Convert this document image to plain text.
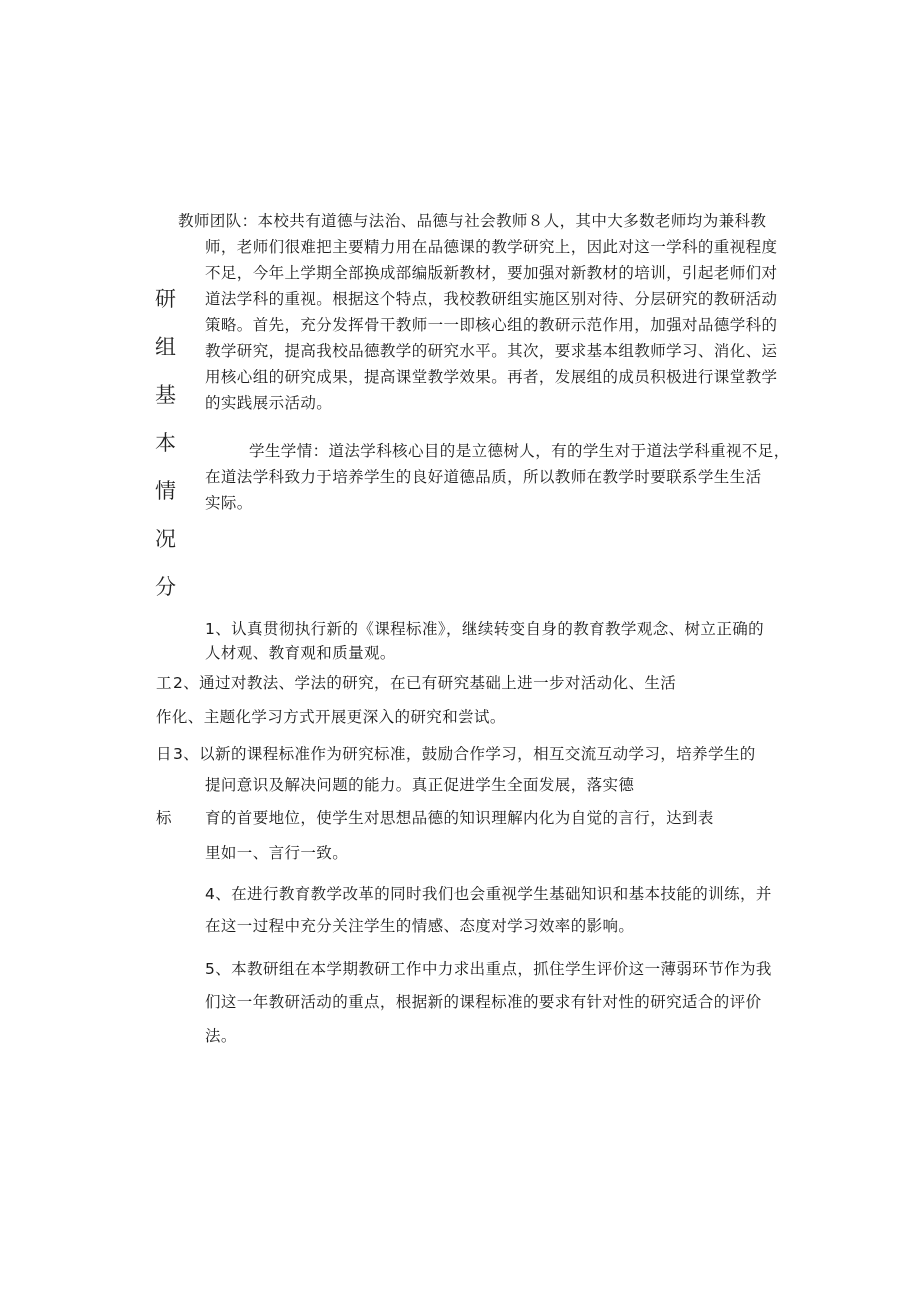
研
组
基
本
情
况
分
教师团队：本校共有道德与法治、品德与社会教师８人，其中大多数老师均为兼科教
师，老师们很难把主要精力用在品德课的教学研究上，因此对这一学科的重视程度
不足，今年上学期全部换成部编版新教材，要加强对新教材的培训，引起老师们对
道法学科的重视。根据这个特点，我校教研组实施区别对待、分层研究的教研活动
策略。首先，充分发挥骨干教师一一即核心组的教研示范作用，加强对品德学科的
教学研究，提高我校品德教学的研究水平。其次，要求基本组教师学习、消化、运
用核心组的研究成果，提高课堂教学效果。再者，发展组的成员积极进行课堂教学
的实践展示活动。
学生学情：道法学科核心目的是立德树人，有的学生对于道法学科重视不足，
在道法学科致力于培养学生的良好道德品质，所以教师在教学时要联系学生生活
实际。
1、认真贯彻执行新的《课程标准》，继续转变自身的教育教学观念、树立正确的
人材观、教育观和质量观。
工
日
标
2、通过对教法、学法的研究，在已有研究基础上进一步对活动化、生活
作化、主题化学习方式开展更深入的研究和尝试。
3、以新的课程标准作为研究标准，鼓励合作学习，相互交流互动学习，培养学生的
提问意识及解决问题的能力。真正促进学生全面发展，落实德
育的首要地位，使学生对思想品德的知识理解内化为自觉的言行，达到表
里如一、言行一致。
4、在进行教育教学改革的同时我们也会重视学生基础知识和基本技能的训练，并
在这一过程中充分关注学生的情感、态度对学习效率的影响。
5、本教研组在本学期教研工作中力求出重点，抓住学生评价这一薄弱环节作为我
们这一年教研活动的重点，根据新的课程标准的要求有针对性的研究适合的评价
法。
